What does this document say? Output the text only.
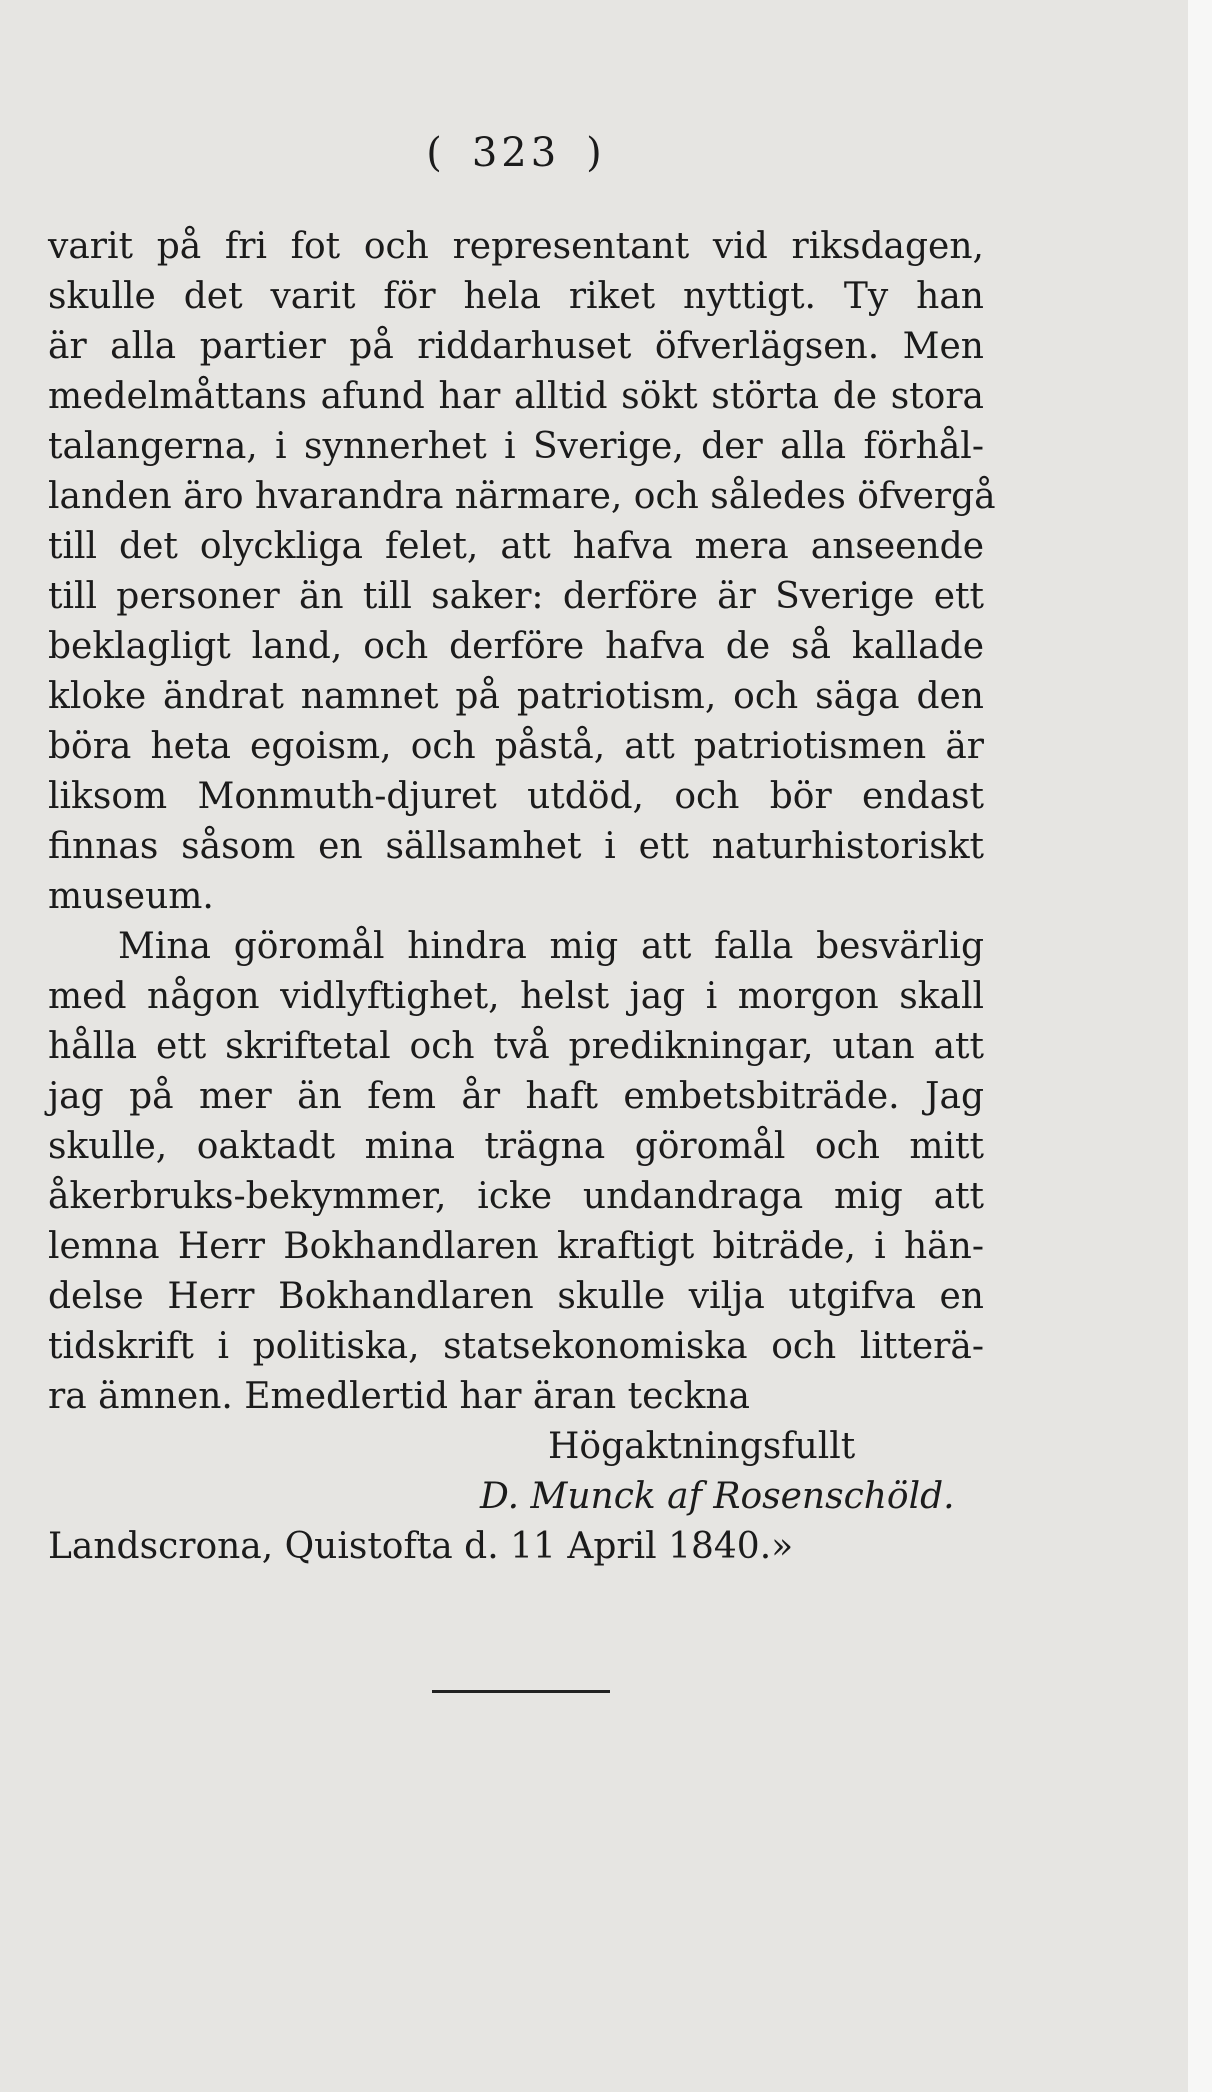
( 323 )
varit på fri fot och representant vid riksdagen,
skulle det varit för hela riket nyttigt. Ty han
är alla partier på riddarhuset öfverlägsen. Men
medelmåttans afund har alltid sökt störta de stora
talangerna, i synnerhet i Sverige, der alla förhål-
landen äro hvarandra närmare, och således öfvergå
till det olyckliga felet, att hafva mera anseende
till personer än till saker: derföre är Sverige ett
beklagligt land, och derföre hafva de så kallade
kloke ändrat namnet på patriotism, och säga den
böra heta egoism, och påstå, att patriotismen är
liksom Monmuth-djuret utdöd, och bör endast
finnas såsom en sällsamhet i ett naturhistoriskt
museum.
Mina göromål hindra mig att falla besvärlig
med någon vidlyftighet, helst jag i morgon skall
hålla ett skriftetal och två predikningar, utan att
jag på mer än fem år haft embetsbiträde. Jag
skulle, oaktadt mina trägna göromål och mitt
åkerbruks-bekymmer, icke undandraga mig att
lemna Herr Bokhandlaren kraftigt biträde, i hän-
delse Herr Bokhandlaren skulle vilja utgifva en
tidskrift i politiska, statsekonomiska och litterä-
ra ämnen. Emedlertid har äran teckna
Högaktningsfullt
D. Munck af Rosenschöld.
Landscrona, Quistofta d. 11 April 1840.»
